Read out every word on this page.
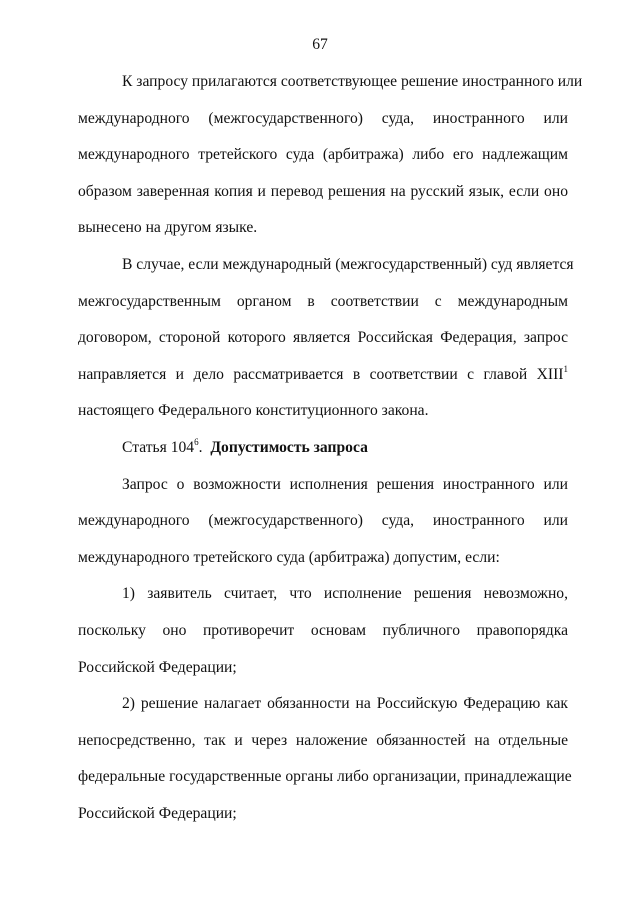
67
К запросу прилагаются соответствующее решение иностранного или
международного (межгосударственного) суда, иностранного или
международного третейского суда (арбитража) либо его надлежащим
образом заверенная копия и перевод решения на русский язык, если оно
вынесено на другом языке.
В случае, если международный (межгосударственный) суд является
межгосударственным органом в соответствии с международным
договором, стороной которого является Российская Федерация, запрос
направляется и дело рассматривается в соответствии с главой XIII$^1$
настоящего Федерального конституционного закона.
Статья $104^6$. Допустимость запроса
Запрос о возможности исполнения решения иностранного или
международного (межгосударственного) суда, иностранного или
международного третейского суда (арбитража) допустим, если:
1) заявитель считает, что исполнение решения невозможно,
поскольку оно противоречит основам публичного правопорядка
Российской Федерации;
2) решение налагает обязанности на Российскую Федерацию как
непосредственно, так и через наложение обязанностей на отдельные
федеральные государственные органы либо организации, принадлежащие
Российской Федерации;
